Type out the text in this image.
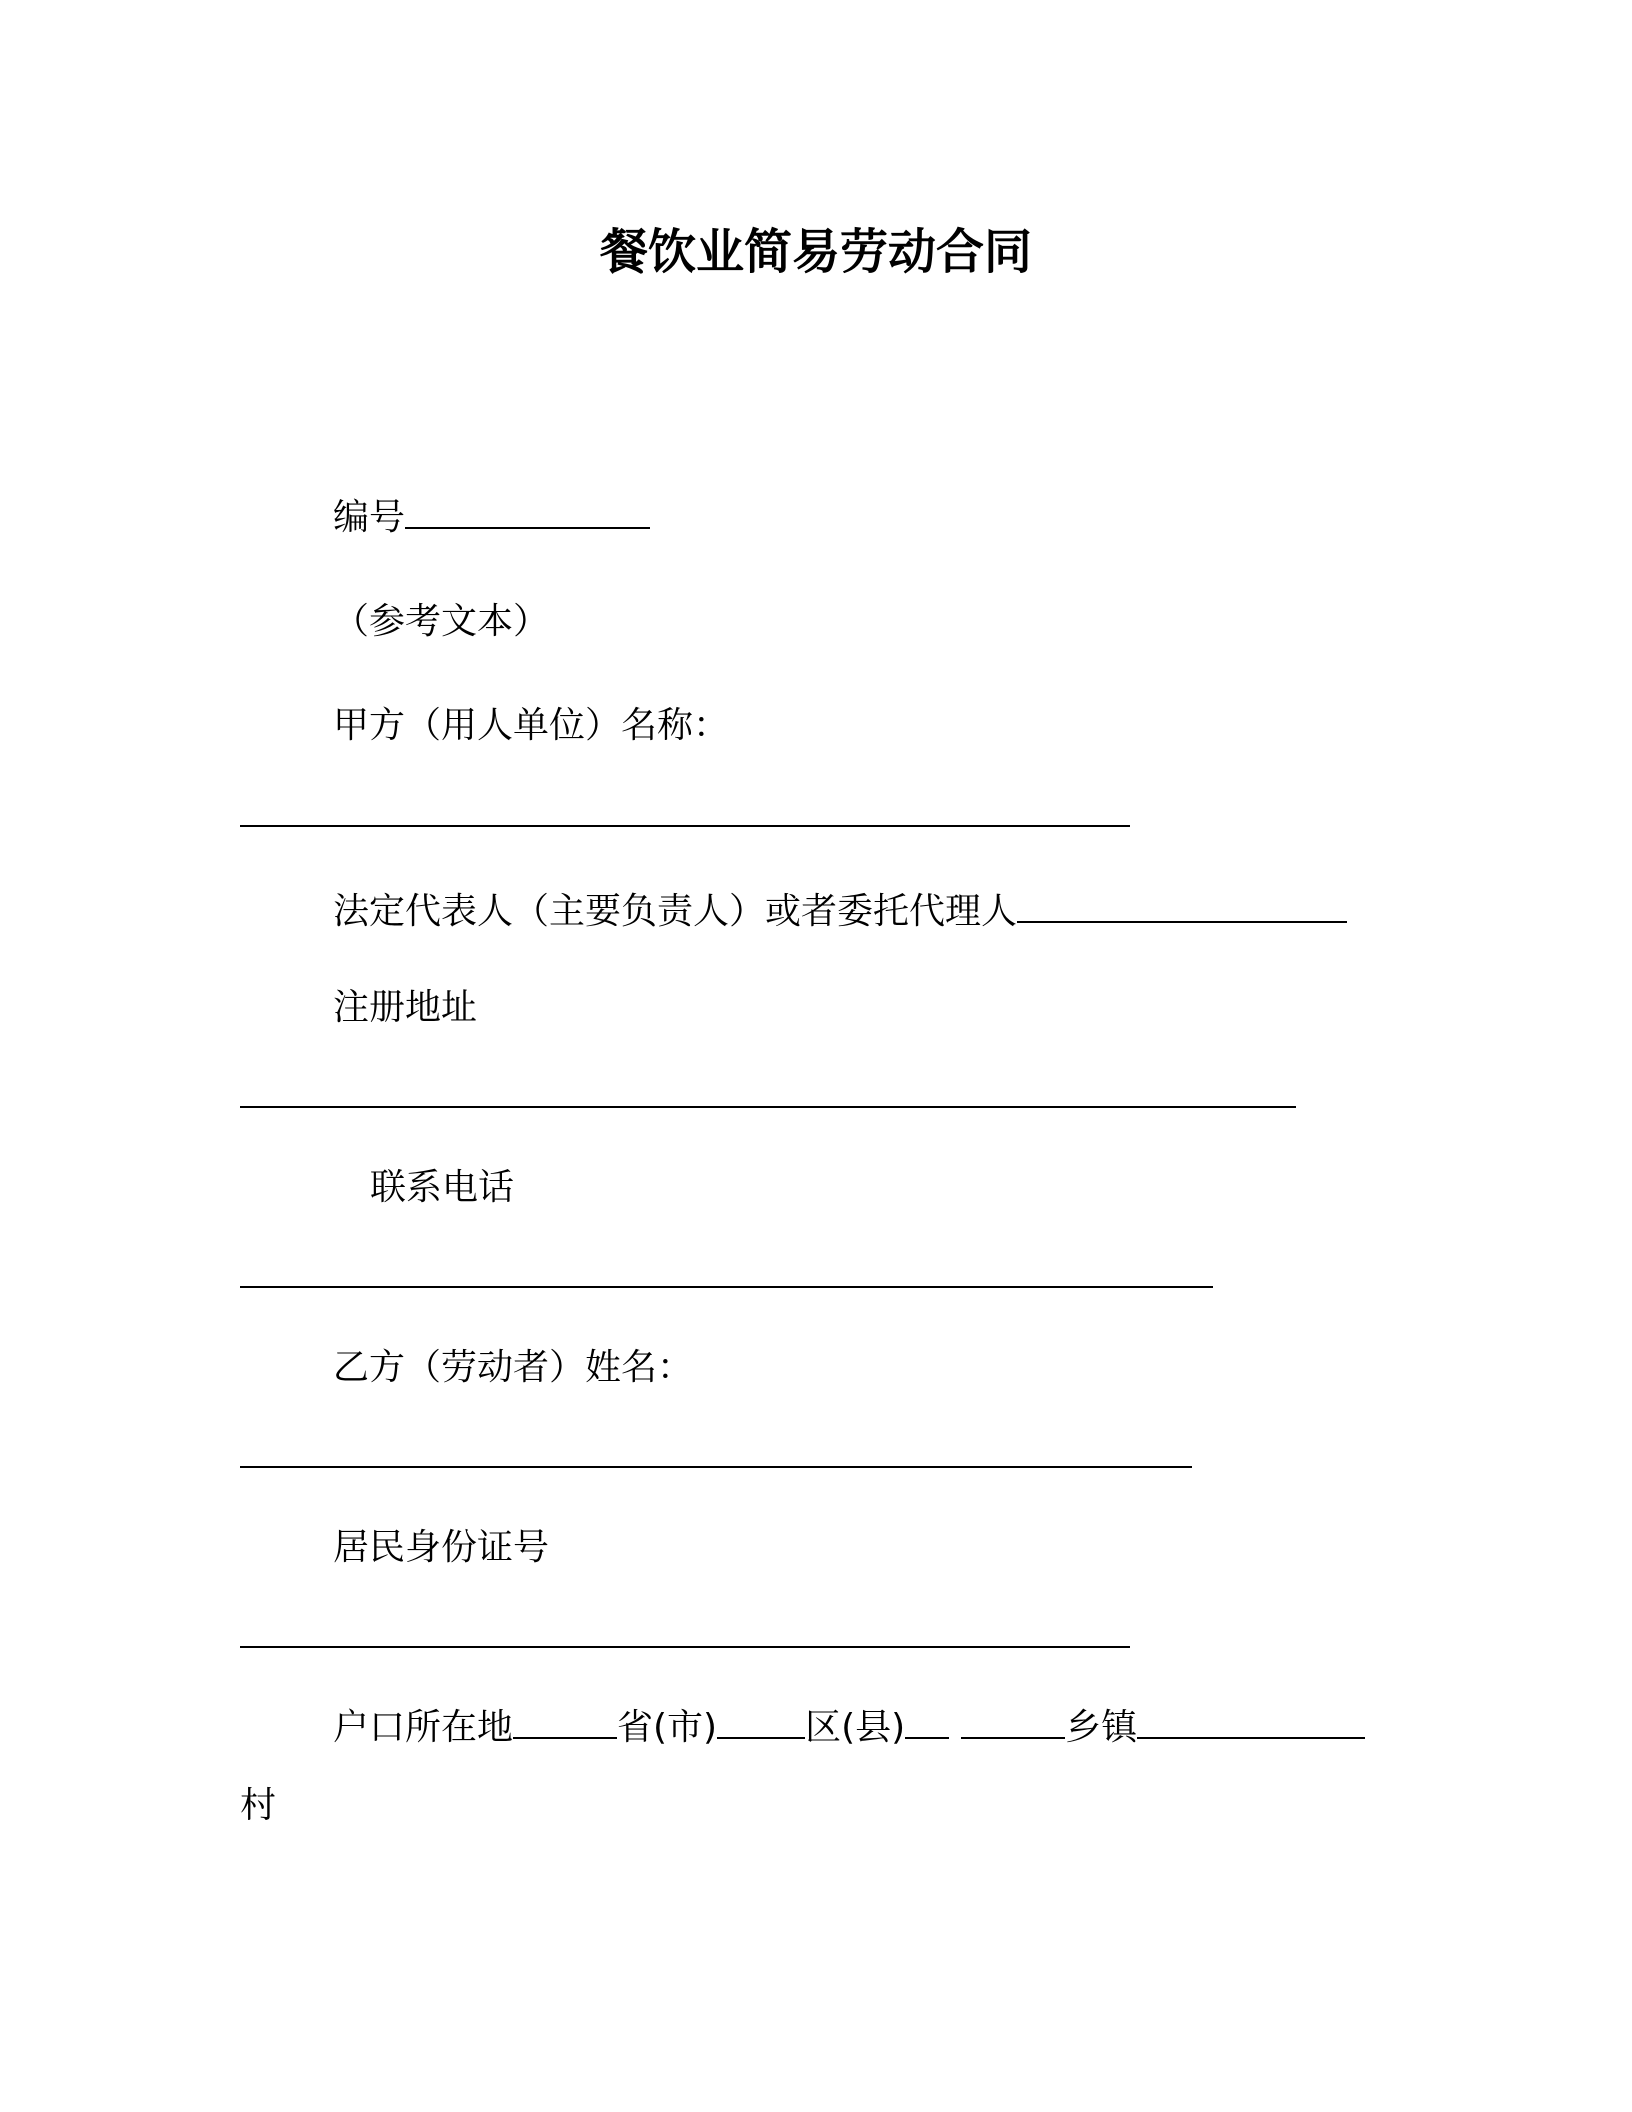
餐饮业简易劳动合同
编号
（参考文本）
甲方（用人单位）名称：
法定代表人（主要负责人）或者委托代理人
注册地址
联系电话
乙方（劳动者）姓名：
居民身份证号
户口所在地	省(市) 区(县)	乡镇
村
